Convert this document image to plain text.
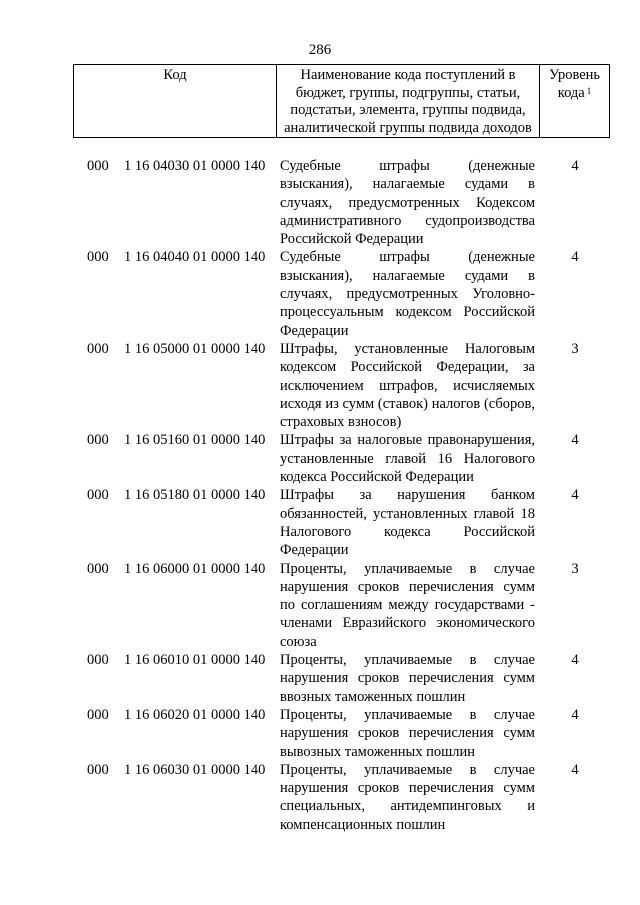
286
Код	Наименование кода поступлений в бюджет, группы, подгруппы, статьи, подстатьи, элемента, группы подвида, аналитической группы подвида доходов
Уровень кода $^1$
000 1 16 04030 01 0000 140 Судебные штрафы (денежные взыскания), налагаемые судами в случаях, предусмотренных Кодексом административного судопроизводства Российской Федерации
4
000 1 16 04040 01 0000 140 Судебные штрафы (денежные взыскания), налагаемые судами в случаях, предусмотренных Уголовно-процессуальным кодексом Российской Федерации
4
000 1 16 05000 01 0000 140 Штрафы, установленные Налоговым кодексом Российской Федерации, за исключением штрафов, исчисляемых исходя из сумм (ставок) налогов (сборов, страховых взносов)
3
000 1 16 05160 01 0000 140 Штрафы за налоговые правонарушения, установленные главой 16 Налогового кодекса Российской Федерации
4
000 1 16 05180 01 0000 140 Штрафы за нарушения банком обязанностей, установленных главой 18 Налогового кодекса Российской Федерации
4
000 1 16 06000 01 0000 140 Проценты, уплачиваемые в случае нарушения сроков перечисления сумм по соглашениям между государствами - членами Евразийского экономического союза
3
000 1 16 06010 01 0000 140 Проценты, уплачиваемые в случае нарушения сроков перечисления сумм ввозных таможенных пошлин
4
000 1 16 06020 01 0000 140 Проценты, уплачиваемые в случае нарушения сроков перечисления сумм вывозных таможенных пошлин
4
000 1 16 06030 01 0000 140 Проценты, уплачиваемые в случае нарушения сроков перечисления сумм специальных, антидемпинговых и компенсационных пошлин
4
